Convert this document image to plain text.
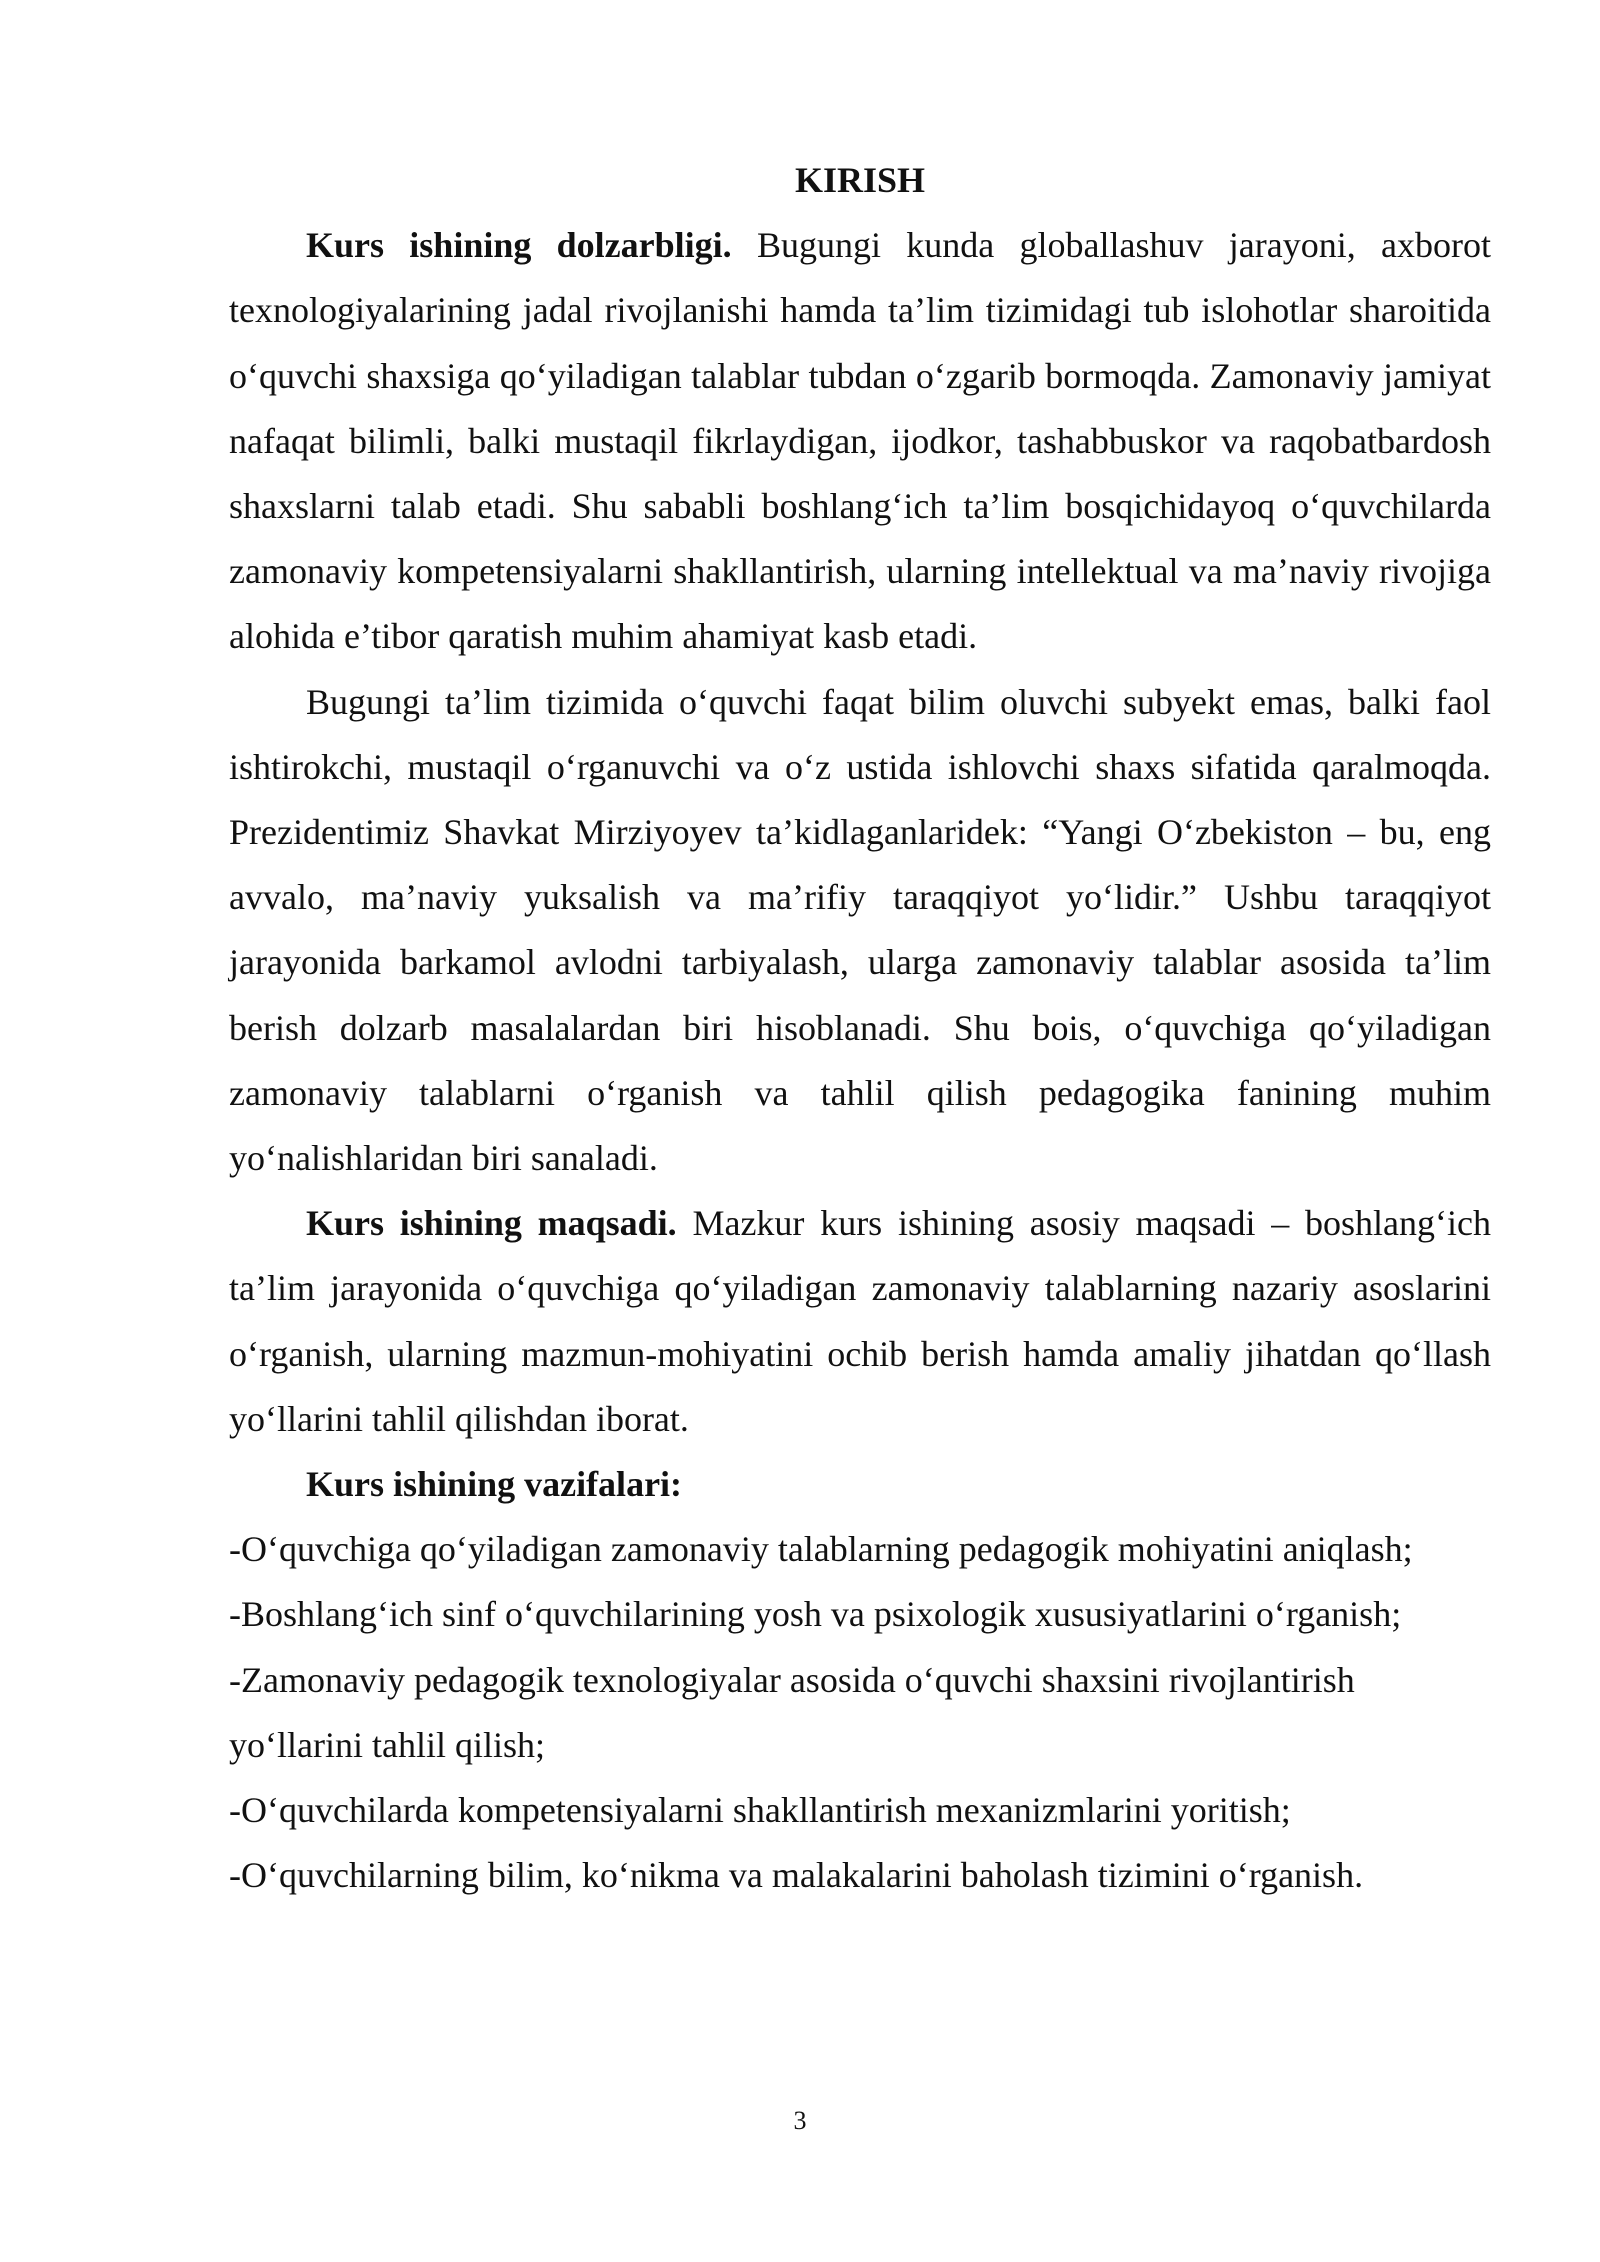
KIRISH

Kurs ishining dolzarbligi. Bugungi kunda globallashuv jarayoni, axborot texnologiyalarining jadal rivojlanishi hamda ta’lim tizimidagi tub islohotlar sharoitida o‘quvchi shaxsiga qo‘yiladigan talablar tubdan o‘zgarib bormoqda. Zamonaviy jamiyat nafaqat bilimli, balki mustaqil fikrlaydigan, ijodkor, tashabbuskor va raqobatbardosh shaxslarni talab etadi. Shu sababli boshlang‘ich ta’lim bosqichidayoq o‘quvchilarda zamonaviy kompetensiyalarni shakllantirish, ularning intellektual va ma’naviy rivojiga alohida e’tibor qaratish muhim ahamiyat kasb etadi.

Bugungi ta’lim tizimida o‘quvchi faqat bilim oluvchi subyekt emas, balki faol ishtirokchi, mustaqil o‘rganuvchi va o‘z ustida ishlovchi shaxs sifatida qaralmoqda. Prezidentimiz Shavkat Mirziyoyev ta’kidlaganlaridek: “Yangi O‘zbekiston – bu, eng avvalo, ma’naviy yuksalish va ma’rifiy taraqqiyot yo‘lidir.” Ushbu taraqqiyot jarayonida barkamol avlodni tarbiyalash, ularga zamonaviy talablar asosida ta’lim berish dolzarb masalalardan biri hisoblanadi. Shu bois, o‘quvchiga qo‘yiladigan zamonaviy talablarni o‘rganish va tahlil qilish pedagogika fanining muhim yo‘nalishlaridan biri sanaladi.

Kurs ishining maqsadi. Mazkur kurs ishining asosiy maqsadi – boshlang‘ich ta’lim jarayonida o‘quvchiga qo‘yiladigan zamonaviy talablarning nazariy asoslarini o‘rganish, ularning mazmun-mohiyatini ochib berish hamda amaliy jihatdan qo‘llash yo‘llarini tahlil qilishdan iborat.

Kurs ishining vazifalari:

-O‘quvchiga qo‘yiladigan zamonaviy talablarning pedagogik mohiyatini aniqlash;
-Boshlang‘ich sinf o‘quvchilarining yosh va psixologik xususiyatlarini o‘rganish;
-Zamonaviy pedagogik texnologiyalar asosida o‘quvchi shaxsini rivojlantirish yo‘llarini tahlil qilish;
-O‘quvchilarda kompetensiyalarni shakllantirish mexanizmlarini yoritish;
-O‘quvchilarning bilim, ko‘nikma va malakalarini baholash tizimini o‘rganish.
3
